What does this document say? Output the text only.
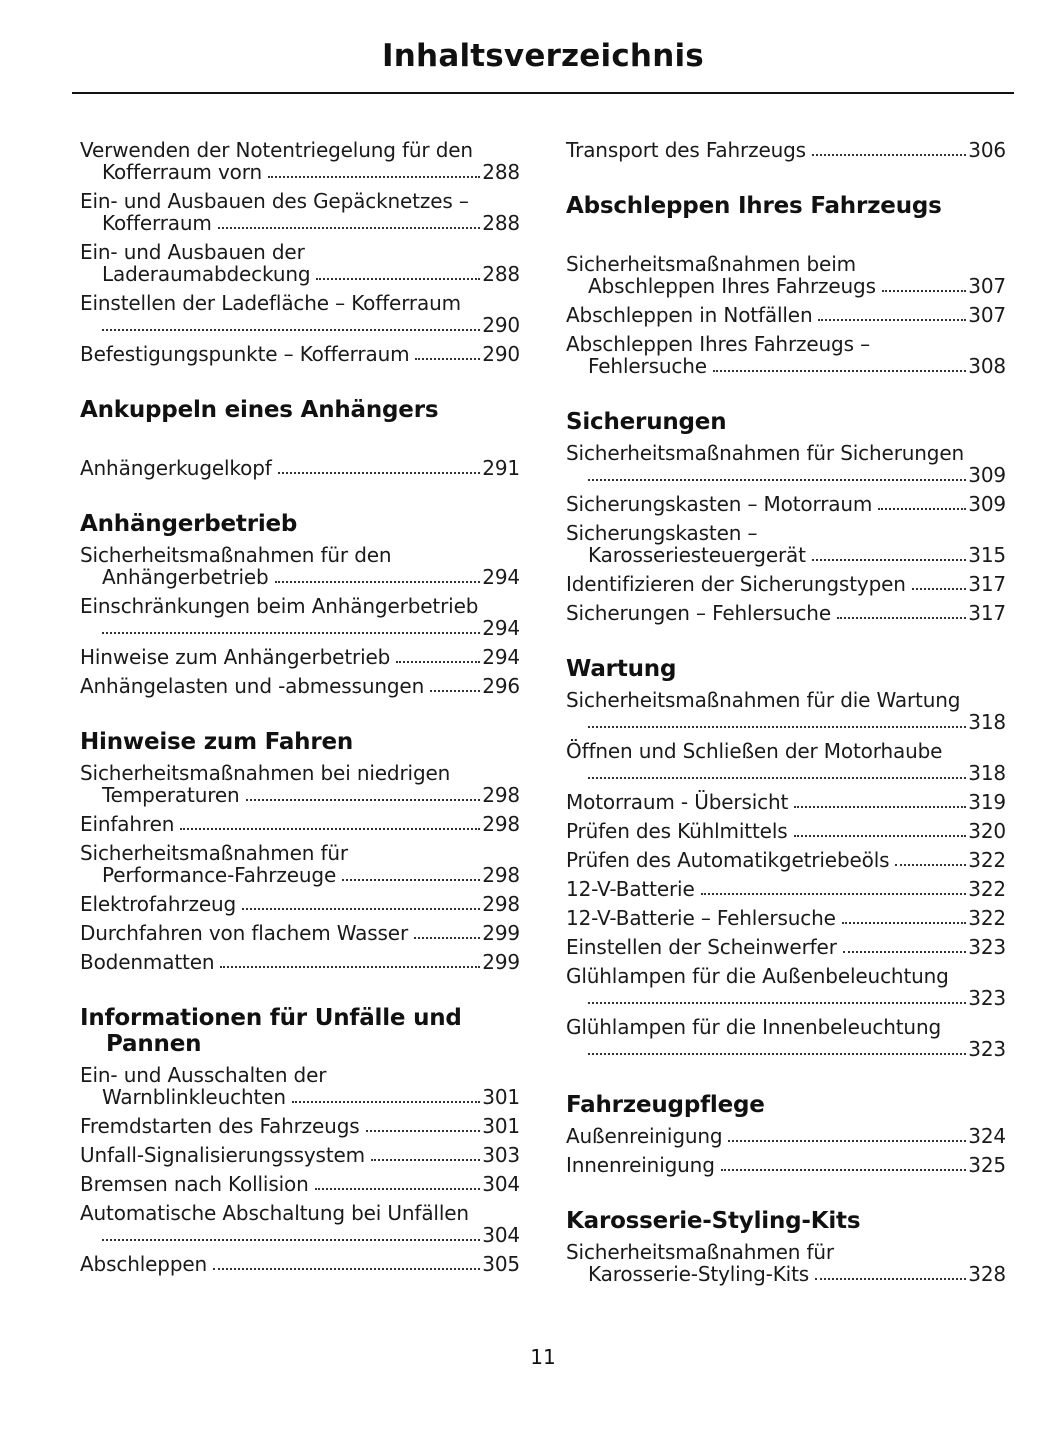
Inhaltsverzeichnis
Verwenden der Notentriegelung für den
Kofferraum vorn	288
Ein- und Ausbauen des Gepäcknetzes –
Kofferraum	288
Ein- und Ausbauen der
Laderaumabdeckung	288
Einstellen der Ladefläche – Kofferraum
290
Befestigungspunkte – Kofferraum	290
Ankuppeln eines Anhängers
Anhängerkugelkopf	291
Anhängerbetrieb
Sicherheitsmaßnahmen für den
Anhängerbetrieb	294
Einschränkungen beim Anhängerbetrieb
294
Hinweise zum Anhängerbetrieb	294
Anhängelasten und -abmessungen	296
Hinweise zum Fahren
Sicherheitsmaßnahmen bei niedrigen
Temperaturen	298
Einfahren	298
Sicherheitsmaßnahmen für
Performance-Fahrzeuge	298
Elektrofahrzeug	298
Durchfahren von flachem Wasser	299
Bodenmatten	299
Informationen für Unfälle und
Pannen
Ein- und Ausschalten der
Warnblinkleuchten	301
Fremdstarten des Fahrzeugs	301
Unfall-Signalisierungssystem	303
Bremsen nach Kollision	304
Automatische Abschaltung bei Unfällen
304
Abschleppen	305
Transport des Fahrzeugs	306
Abschleppen Ihres Fahrzeugs
Sicherheitsmaßnahmen beim
Abschleppen Ihres Fahrzeugs	307
Abschleppen in Notfällen	307
Abschleppen Ihres Fahrzeugs –
Fehlersuche	308
Sicherungen
Sicherheitsmaßnahmen für Sicherungen
309
Sicherungskasten – Motorraum	309
Sicherungskasten –
Karosseriesteuergerät	315
Identifizieren der Sicherungstypen	317
Sicherungen – Fehlersuche	317
Wartung
Sicherheitsmaßnahmen für die Wartung
318
Öffnen und Schließen der Motorhaube
318
Motorraum - Übersicht	319
Prüfen des Kühlmittels	320
Prüfen des Automatikgetriebeöls	322
12-V-Batterie	322
12-V-Batterie – Fehlersuche	322
Einstellen der Scheinwerfer	323
Glühlampen für die Außenbeleuchtung
323
Glühlampen für die Innenbeleuchtung
323
Fahrzeugpflege
Außenreinigung	324
Innenreinigung	325
Karosserie-Styling-Kits
Sicherheitsmaßnahmen für
Karosserie-Styling-Kits	328
11
